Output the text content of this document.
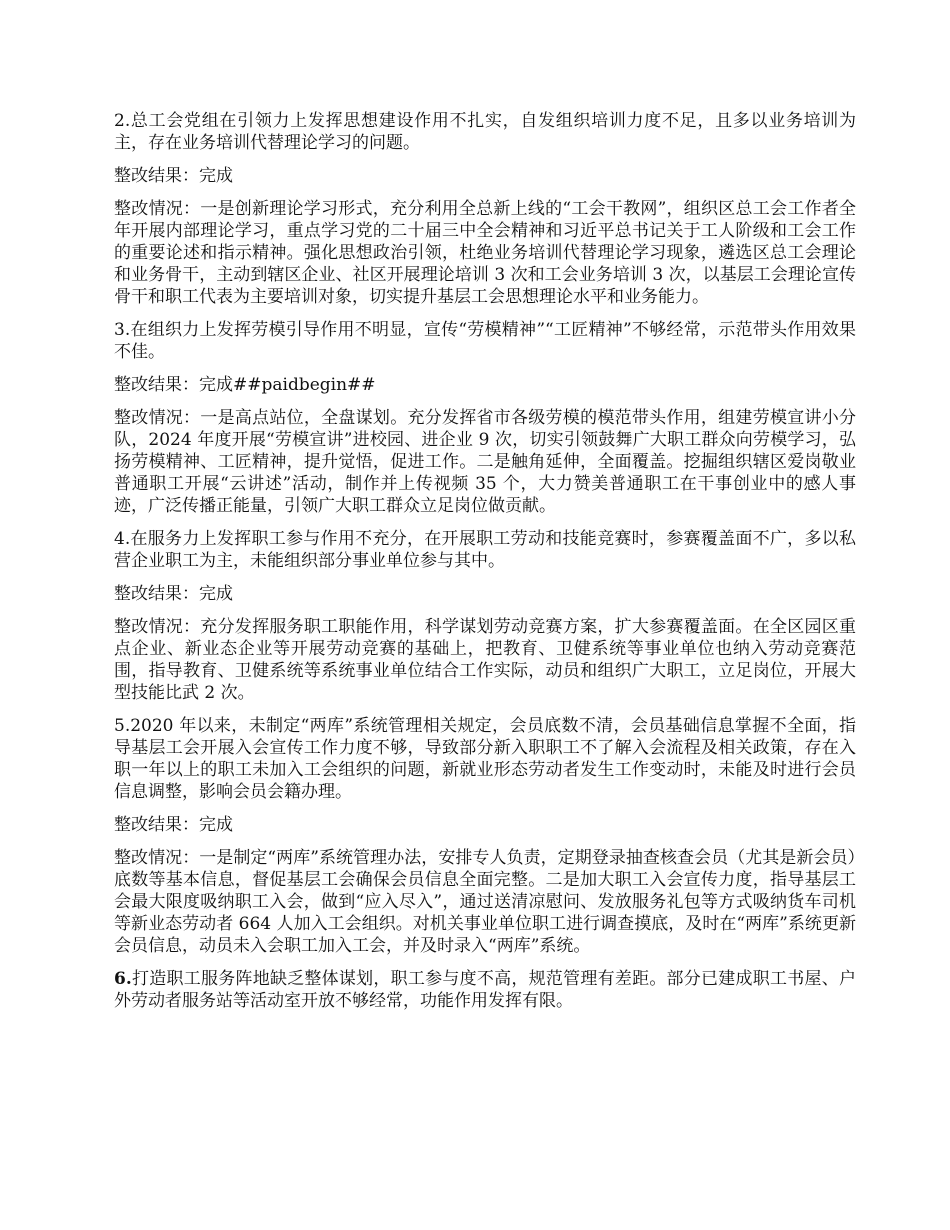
2.总工会党组在引领力上发挥思想建设作用不扎实，自发组织培训力度不足，且多以业务培训为主，存在业务培训代替理论学习的问题。

整改结果：完成

整改情况：一是创新理论学习形式，充分利用全总新上线的“工会干教网”，组织区总工会工作者全年开展内部理论学习，重点学习党的二十届三中全会精神和习近平总书记关于工人阶级和工会工作的重要论述和指示精神。强化思想政治引领，杜绝业务培训代替理论学习现象，遴选区总工会理论和业务骨干，主动到辖区企业、社区开展理论培训 3 次和工会业务培训 3 次，以基层工会理论宣传骨干和职工代表为主要培训对象，切实提升基层工会思想理论水平和业务能力。

3.在组织力上发挥劳模引导作用不明显，宣传“劳模精神”“工匠精神”不够经常，示范带头作用效果不佳。

整改结果：完成##paidbegin##

整改情况：一是高点站位，全盘谋划。充分发挥省市各级劳模的模范带头作用，组建劳模宣讲小分队，2024 年度开展“劳模宣讲”进校园、进企业 9 次，切实引领鼓舞广大职工群众向劳模学习，弘扬劳模精神、工匠精神，提升觉悟，促进工作。二是触角延伸，全面覆盖。挖掘组织辖区爱岗敬业普通职工开展“云讲述”活动，制作并上传视频 35 个，大力赞美普通职工在干事创业中的感人事迹，广泛传播正能量，引领广大职工群众立足岗位做贡献。

4.在服务力上发挥职工参与作用不充分，在开展职工劳动和技能竞赛时，参赛覆盖面不广，多以私营企业职工为主，未能组织部分事业单位参与其中。

整改结果：完成

整改情况：充分发挥服务职工职能作用，科学谋划劳动竞赛方案，扩大参赛覆盖面。在全区园区重点企业、新业态企业等开展劳动竞赛的基础上，把教育、卫健系统等事业单位也纳入劳动竞赛范围，指导教育、卫健系统等系统事业单位结合工作实际，动员和组织广大职工，立足岗位，开展大型技能比武 2 次。

5.2020 年以来，未制定“两库”系统管理相关规定，会员底数不清，会员基础信息掌握不全面，指导基层工会开展入会宣传工作力度不够，导致部分新入职职工不了解入会流程及相关政策，存在入职一年以上的职工未加入工会组织的问题，新就业形态劳动者发生工作变动时，未能及时进行会员信息调整，影响会员会籍办理。

整改结果：完成

整改情况：一是制定“两库”系统管理办法，安排专人负责，定期登录抽查核查会员（尤其是新会员）底数等基本信息，督促基层工会确保会员信息全面完整。二是加大职工入会宣传力度，指导基层工会最大限度吸纳职工入会，做到“应入尽入”，通过送清凉慰问、发放服务礼包等方式吸纳货车司机等新业态劳动者 664 人加入工会组织。对机关事业单位职工进行调查摸底，及时在“两库”系统更新会员信息，动员未入会职工加入工会，并及时录入“两库”系统。

6.打造职工服务阵地缺乏整体谋划，职工参与度不高，规范管理有差距。部分已建成职工书屋、户外劳动者服务站等活动室开放不够经常，功能作用发挥有限。
